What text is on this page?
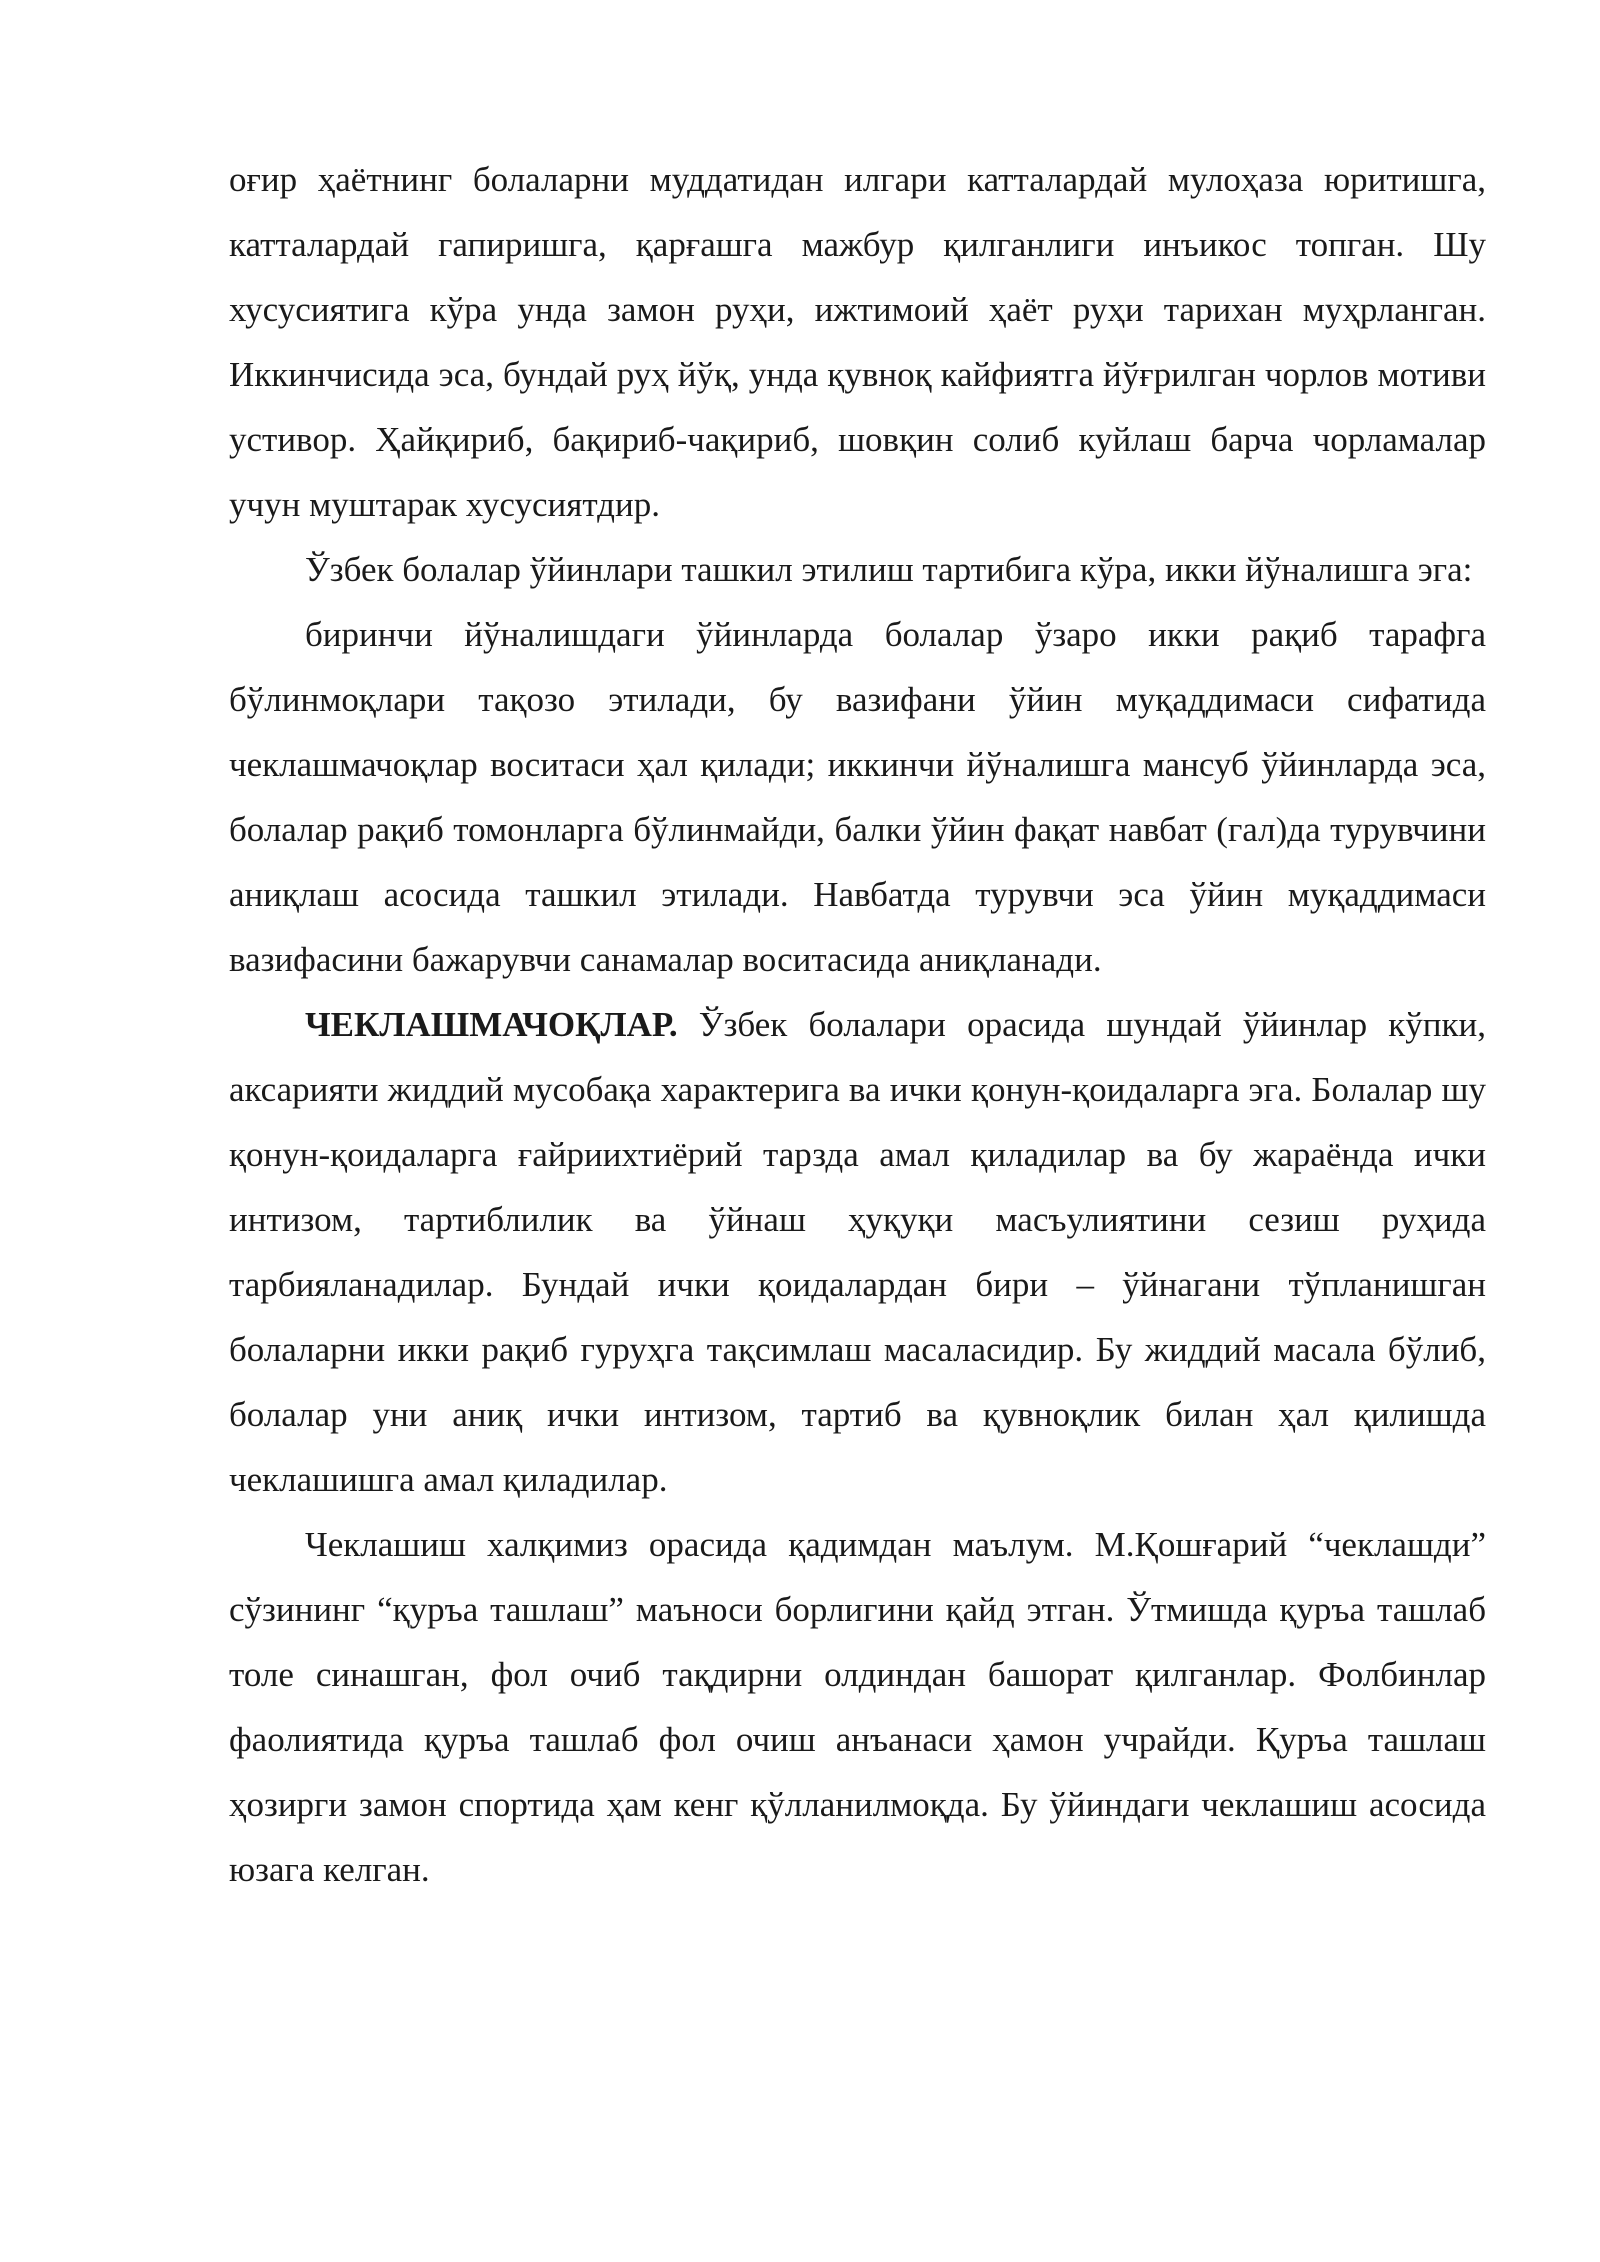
оғир ҳаётнинг болаларни муддатидан илгари катталардай мулоҳаза юритишга, катталардай гапиришга, қарғашга мажбур қилганлиги инъикос топган. Шу хусусиятига кўра унда замон руҳи, ижтимоий ҳаёт руҳи тарихан муҳрланган. Иккинчисида эса, бундай руҳ йўқ, унда қувноқ кайфиятга йўғрилган чорлов мотиви устивор. Ҳайқириб, бақириб-чақириб, шовқин солиб куйлаш барча чорламалар учун муштарак хусусиятдир.

Ўзбек болалар ўйинлари ташкил этилиш тартибига кўра, икки йўналишга эга:

биринчи йўналишдаги ўйинларда болалар ўзаро икки рақиб тарафга бўлинмоқлари тақозо этилади, бу вазифани ўйин муқаддимаси сифатида чеклашмачоқлар воситаси ҳал қилади; иккинчи йўналишга мансуб ўйинларда эса, болалар рақиб томонларга бўлинмайди, балки ўйин фақат навбат (гал)да турувчини аниқлаш асосида ташкил этилади. Навбатда турувчи эса ўйин муқаддимаси вазифасини бажарувчи санамалар воситасида аниқланади.

ЧЕКЛАШМАЧОҚЛАР. Ўзбек болалари орасида шундай ўйинлар кўпки, аксарияти жиддий мусобақа характерига ва ички қонун-қоидаларга эга. Болалар шу қонун-қоидаларга ғайриихтиёрий тарзда амал қиладилар ва бу жараёнда ички интизом, тартиблилик ва ўйнаш ҳуқуқи масъулиятини сезиш руҳида тарбияланадилар. Бундай ички қоидалардан бири – ўйнагани тўпланишган болаларни икки рақиб гуруҳга тақсимлаш масаласидир. Бу жиддий масала бўлиб, болалар уни аниқ ички интизом, тартиб ва қувноқлик билан ҳал қилишда чеклашишга амал қиладилар.

Чеклашиш халқимиз орасида қадимдан маълум. М.Қошғарий “чеклашди” сўзининг “қуръа ташлаш” маъноси борлигини қайд этган. Ўтмишда қуръа ташлаб толе синашган, фол очиб тақдирни олдиндан башорат қилганлар. Фолбинлар фаолиятида қуръа ташлаб фол очиш анъанаси ҳамон учрайди. Қуръа ташлаш ҳозирги замон спортида ҳам кенг қўлланилмоқда. Бу ўйиндаги чеклашиш асосида юзага келган.
